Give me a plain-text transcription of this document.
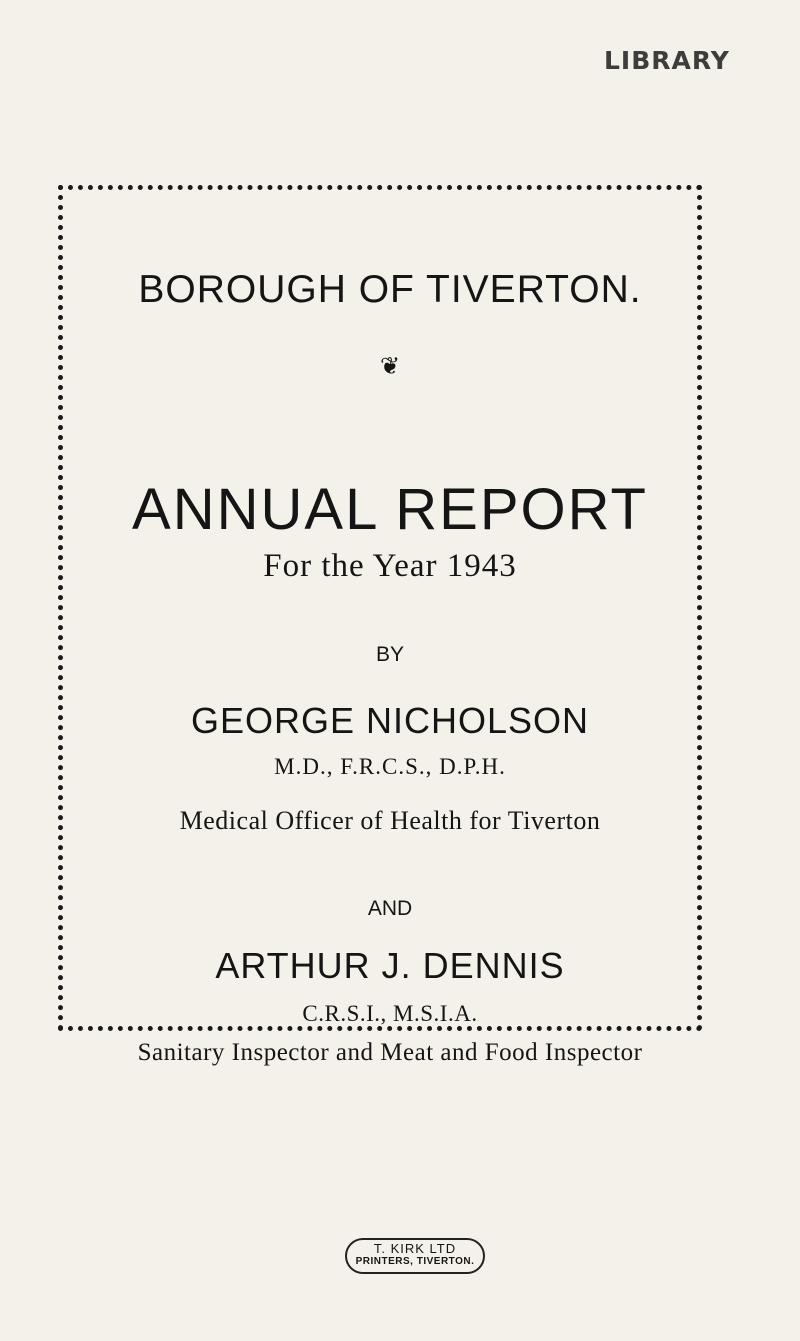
LIBRARY
BOROUGH OF TIVERTON.
❦
ANNUAL REPORT
For the Year 1943
BY
GEORGE NICHOLSON
M.D., F.R.C.S., D.P.H.
Medical Officer of Health for Tiverton
AND
ARTHUR J. DENNIS
C.R.S.I., M.S.I.A.
Sanitary Inspector and Meat and Food Inspector
T. KIRK LTD
PRINTERS, TIVERTON.
